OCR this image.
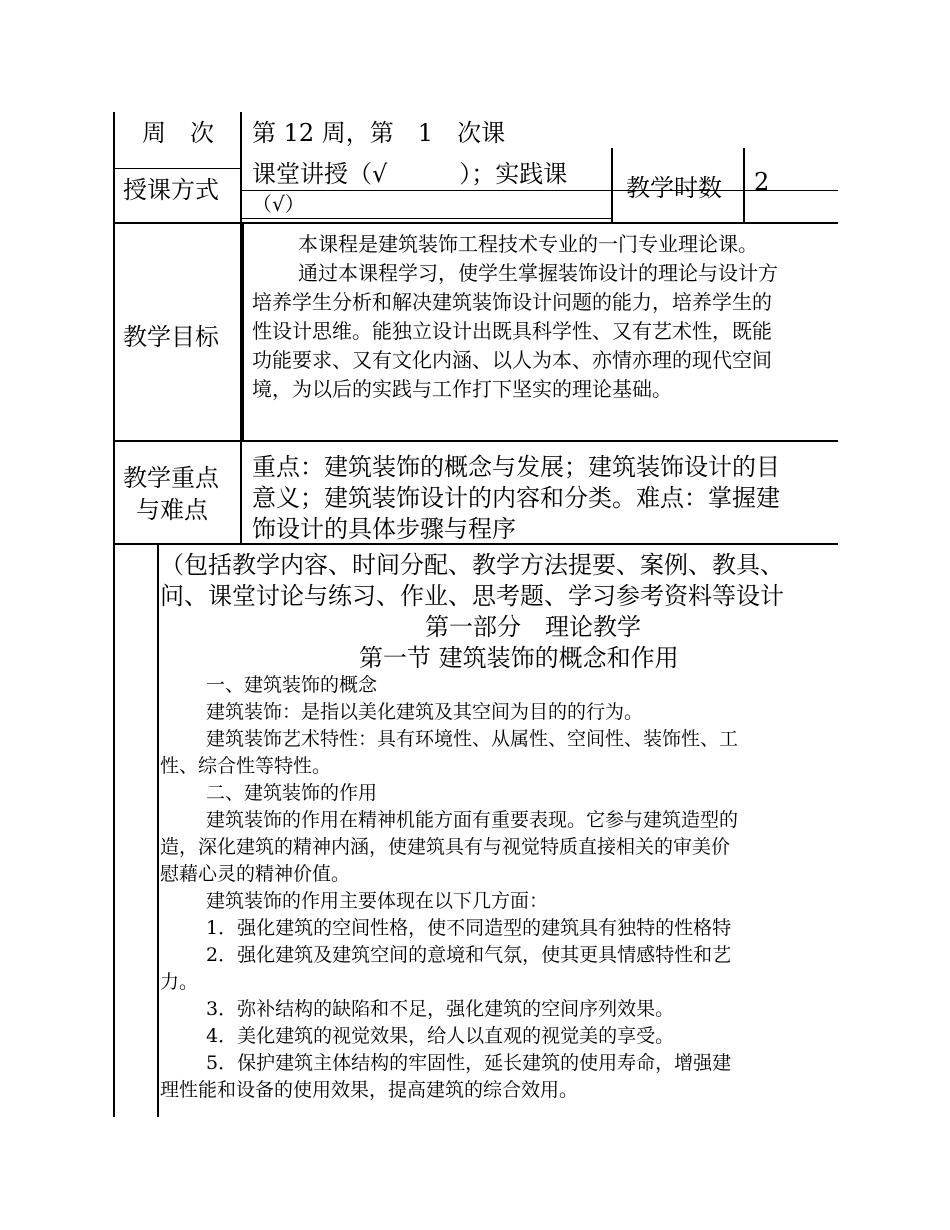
周　次 第 12 周，第　1　次课
授课方式
课堂讲授（√　　　）；实践课
（√）
教学时数 2
教学目标
本课程是建筑装饰工程技术专业的一门专业理论课。
通过本课程学习，使学生掌握装饰设计的理论与设计方
培养学生分析和解决建筑装饰设计问题的能力，培养学生的
性设计思维。能独立设计出既具科学性、又有艺术性，既能
功能要求、又有文化内涵、以人为本、亦情亦理的现代空间
境，为以后的实践与工作打下坚实的理论基础。
教学重点
与难点
重点：建筑装饰的概念与发展；建筑装饰设计的目
意义；建筑装饰设计的内容和分类。难点：掌握建
饰设计的具体步骤与程序
（包括教学内容、时间分配、教学方法提要、案例、教具、
问、课堂讨论与练习、作业、思考题、学习参考资料等设计
第一部分　理论教学
第一节 建筑装饰的概念和作用
一、建筑装饰的概念
建筑装饰：是指以美化建筑及其空间为目的的行为。
建筑装饰艺术特性：具有环境性、从属性、空间性、装饰性、工
性、综合性等特性。
二、建筑装饰的作用
建筑装饰的作用在精神机能方面有重要表现。它参与建筑造型的
造，深化建筑的精神内涵，使建筑具有与视觉特质直接相关的审美价
慰藉心灵的精神价值。
建筑装饰的作用主要体现在以下几方面：
1．强化建筑的空间性格，使不同造型的建筑具有独特的性格特
2．强化建筑及建筑空间的意境和气氛，使其更具情感特性和艺
力。
3．弥补结构的缺陷和不足，强化建筑的空间序列效果。
4．美化建筑的视觉效果，给人以直观的视觉美的享受。
5．保护建筑主体结构的牢固性，延长建筑的使用寿命，增强建
理性能和设备的使用效果，提高建筑的综合效用。
